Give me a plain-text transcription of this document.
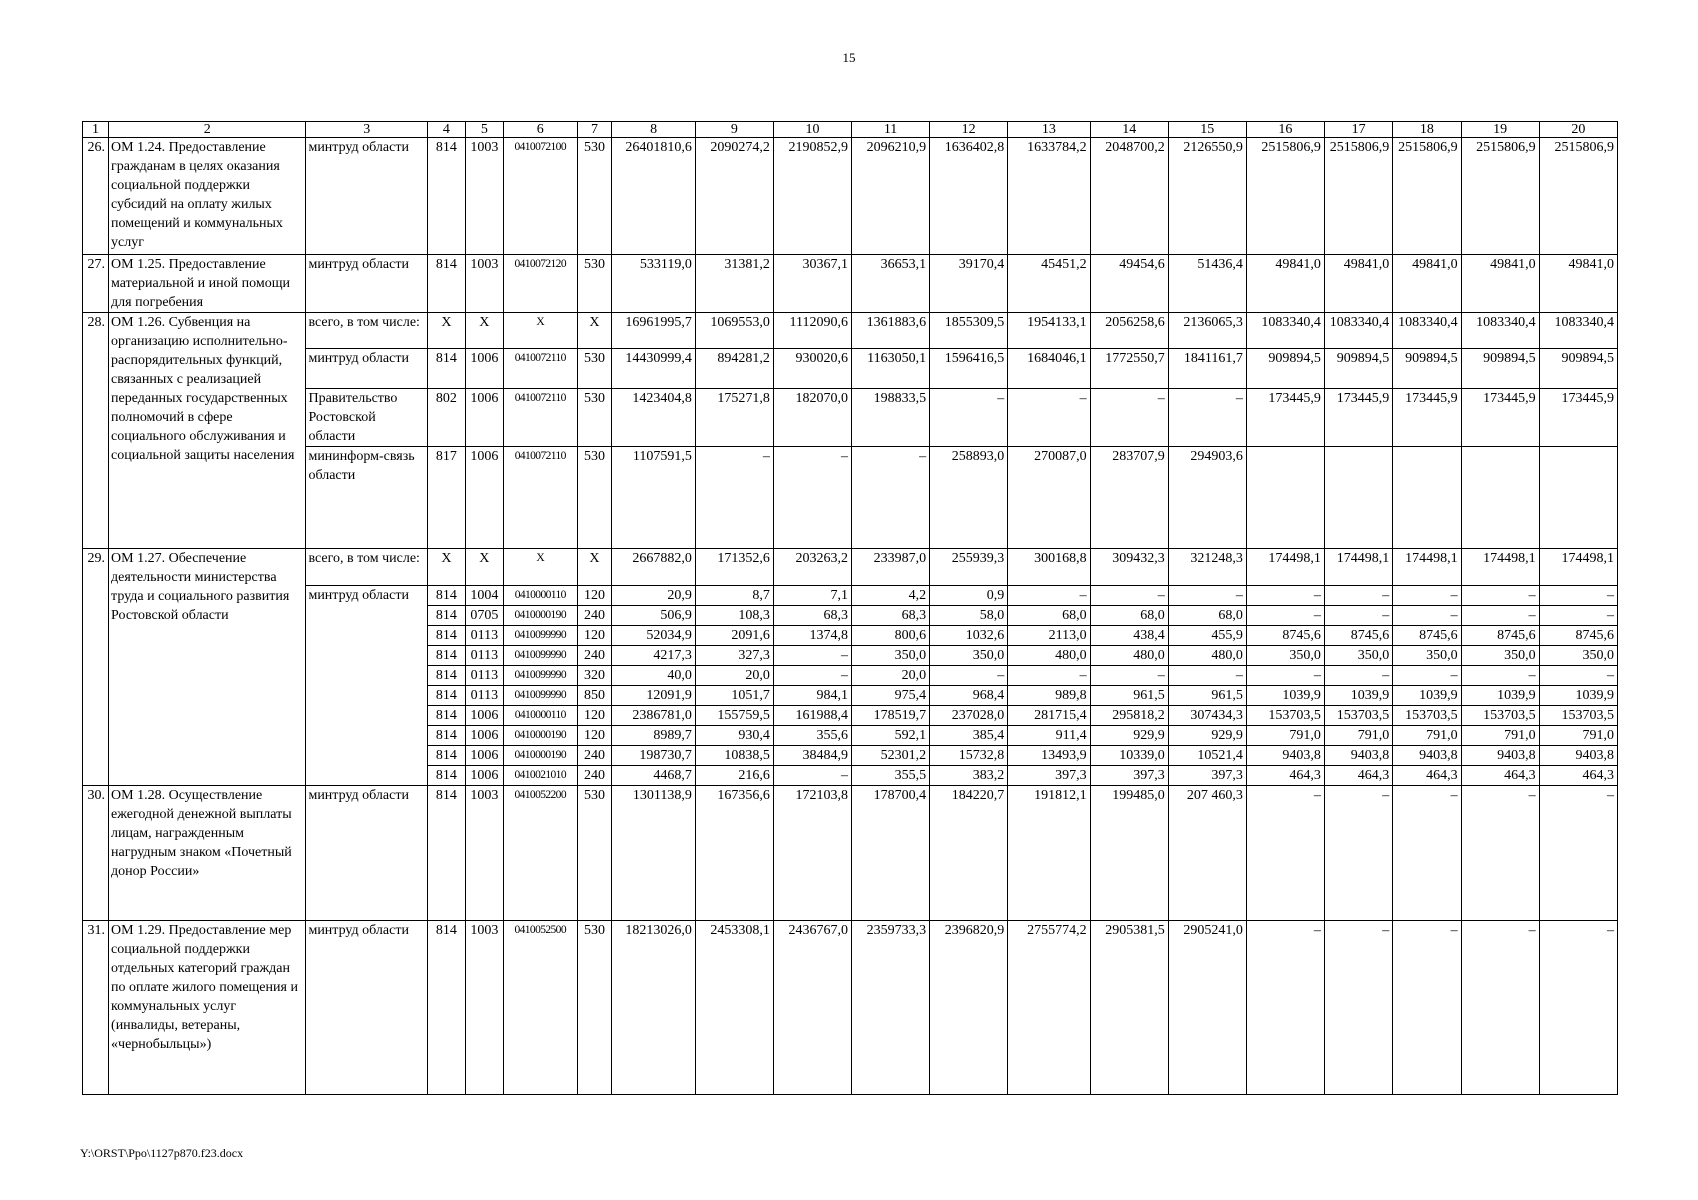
15
1	2	3	4	5	6	7	8	9	10	11	12	13	14	15	16	17	18	19	20
26.	ОМ 1.24. Предоставление гражданам в целях оказания социальной поддержки субсидий на оплату жилых помещений и коммунальных услуг	минтруд области	814	1003	0410072100	530	26401810,6	2090274,2	2190852,9	2096210,9	1636402,8	1633784,2	2048700,2	2126550,9	2515806,9	2515806,9	2515806,9	2515806,9	2515806,9
27.	ОМ 1.25. Предоставление материальной и иной помощи для погребения	минтруд области	814	1003	0410072120	530	533119,0	31381,2	30367,1	36653,1	39170,4	45451,2	49454,6	51436,4	49841,0	49841,0	49841,0	49841,0	49841,0
28.	ОМ 1.26. Субвенция на организацию исполнительно-распорядительных функций, связанных с реализацией переданных государственных полномочий в сфере социального обслуживания и социальной защиты населения	всего, в том числе:	X	X	X	X	16961995,7	1069553,0	1112090,6	1361883,6	1855309,5	1954133,1	2056258,6	2136065,3	1083340,4	1083340,4	1083340,4	1083340,4	1083340,4
		минтруд области	814	1006	0410072110	530	14430999,4	894281,2	930020,6	1163050,1	1596416,5	1684046,1	1772550,7	1841161,7	909894,5	909894,5	909894,5	909894,5	909894,5
		Правительство Ростовской области	802	1006	0410072110	530	1423404,8	175271,8	182070,0	198833,5	–	–	–	–	173445,9	173445,9	173445,9	173445,9	173445,9
		мининформ-связь области	817	1006	0410072110	530	1107591,5	–	–	–	258893,0	270087,0	283707,9	294903,6					
29.	ОМ 1.27. Обеспечение деятельности министерства труда и социального развития Ростовской области	всего, в том числе:	X	X	X	X	2667882,0	171352,6	203263,2	233987,0	255939,3	300168,8	309432,3	321248,3	174498,1	174498,1	174498,1	174498,1	174498,1
		минтруд области	814	1004	0410000110	120	20,9	8,7	7,1	4,2	0,9	–	–	–	–	–	–	–	–
			814	0705	0410000190	240	506,9	108,3	68,3	68,3	58,0	68,0	68,0	68,0	–	–	–	–	–
			814	0113	0410099990	120	52034,9	2091,6	1374,8	800,6	1032,6	2113,0	438,4	455,9	8745,6	8745,6	8745,6	8745,6	8745,6
			814	0113	0410099990	240	4217,3	327,3	–	350,0	350,0	480,0	480,0	480,0	350,0	350,0	350,0	350,0	350,0
			814	0113	0410099990	320	40,0	20,0	–	20,0	–	–	–	–	–	–	–	–	–
			814	0113	0410099990	850	12091,9	1051,7	984,1	975,4	968,4	989,8	961,5	961,5	1039,9	1039,9	1039,9	1039,9	1039,9
			814	1006	0410000110	120	2386781,0	155759,5	161988,4	178519,7	237028,0	281715,4	295818,2	307434,3	153703,5	153703,5	153703,5	153703,5	153703,5
			814	1006	0410000190	120	8989,7	930,4	355,6	592,1	385,4	911,4	929,9	929,9	791,0	791,0	791,0	791,0	791,0
			814	1006	0410000190	240	198730,7	10838,5	38484,9	52301,2	15732,8	13493,9	10339,0	10521,4	9403,8	9403,8	9403,8	9403,8	9403,8
			814	1006	0410021010	240	4468,7	216,6	–	355,5	383,2	397,3	397,3	397,3	464,3	464,3	464,3	464,3	464,3
30.	ОМ 1.28. Осуществление ежегодной денежной выплаты лицам, награжденным нагрудным знаком «Почетный донор России»	минтруд области	814	1003	0410052200	530	1301138,9	167356,6	172103,8	178700,4	184220,7	191812,1	199485,0	207 460,3	–	–	–	–	–
31.	ОМ 1.29. Предоставление мер социальной поддержки отдельных категорий граждан по оплате жилого помещения и коммунальных услуг (инвалиды, ветераны, «чернобыльцы»)	минтруд области	814	1003	0410052500	530	18213026,0	2453308,1	2436767,0	2359733,3	2396820,9	2755774,2	2905381,5	2905241,0	–	–	–	–	–
Y:\ORST\Ppo\1127p870.f23.docx
